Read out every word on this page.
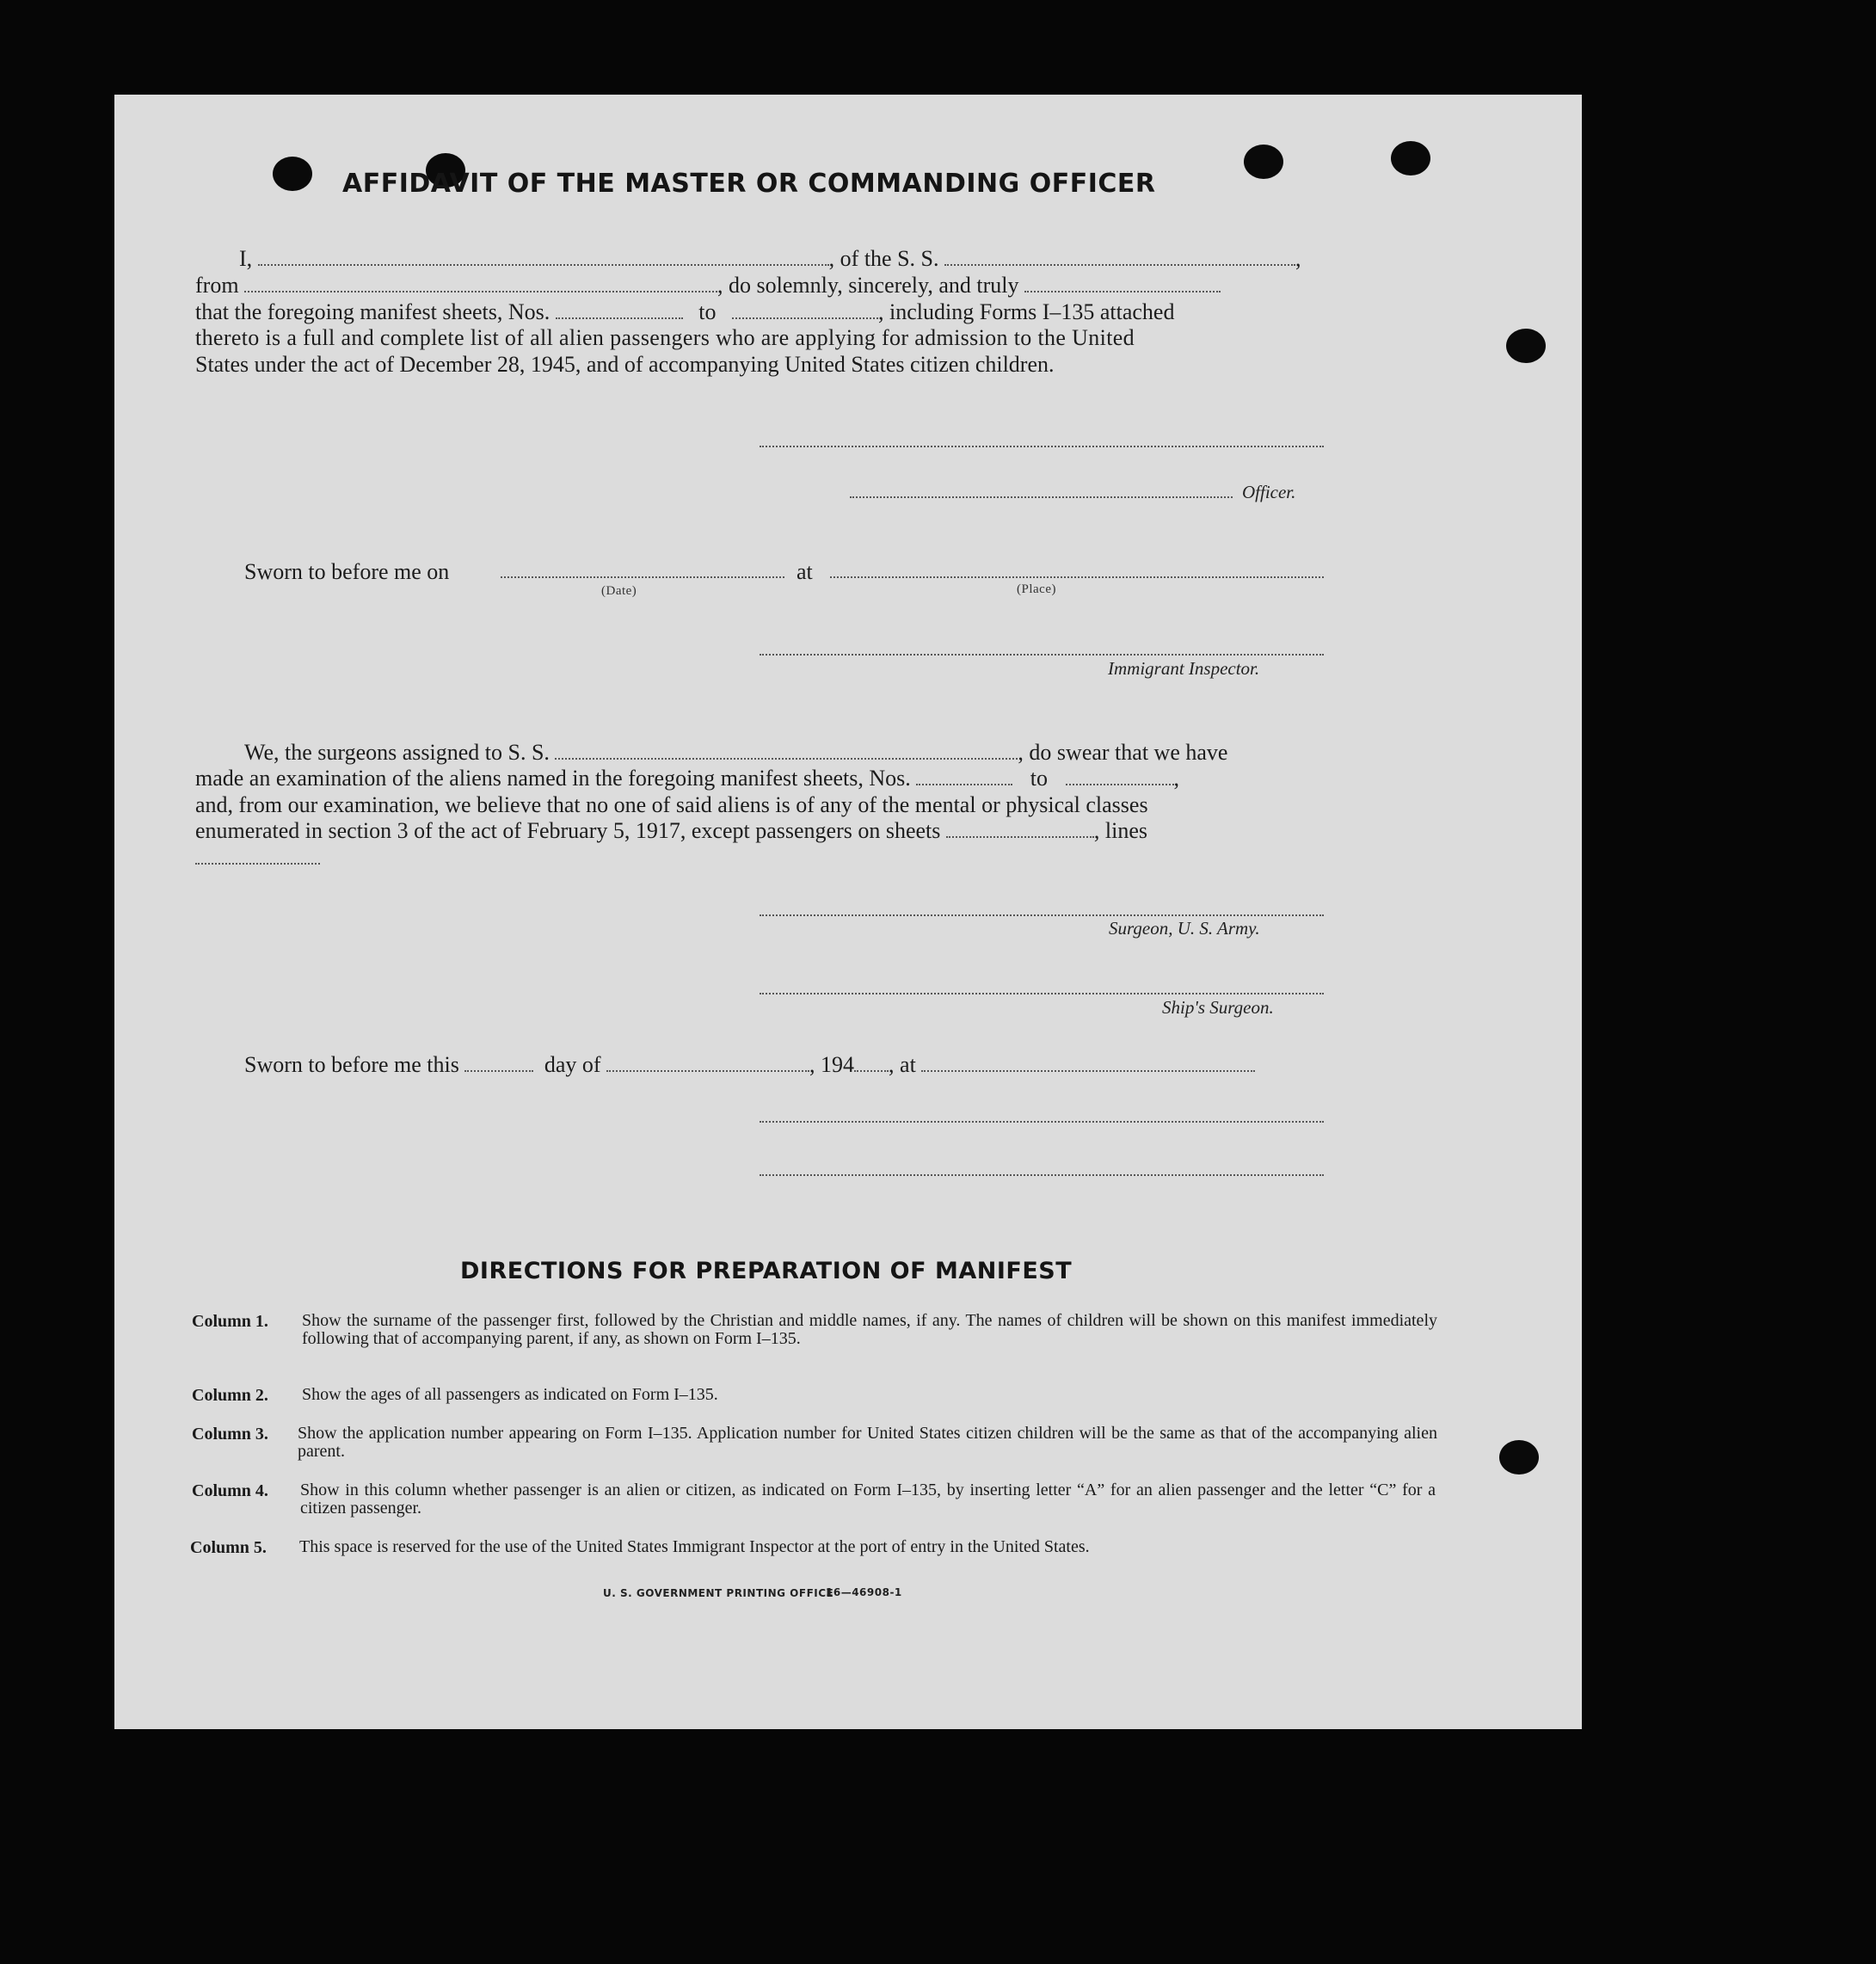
AFFIDAVIT OF THE MASTER OR COMMANDING OFFICER
I,	, of the S. S.	,
from	, do solemnly, sincerely, and truly
that the foregoing manifest sheets, Nos.	to	, including Forms I–135 attached
thereto is a full and complete list of all alien passengers who are applying for admission to the United
States under the act of December 28, 1945, and of accompanying United States citizen children.
Officer.
Sworn to before me on	at
(Date)	(Place)
Immigrant Inspector.
We, the surgeons assigned to S. S.	, do swear that we have
made an examination of the aliens named in the foregoing manifest sheets, Nos.	to	,
and, from our examination, we believe that no one of said aliens is of any of the mental or physical classes
enumerated in section 3 of the act of February 5, 1917, except passengers on sheets	, lines
Surgeon, U. S. Army.
Ship's Surgeon.
Sworn to before me this	day of	, 194 , at
DIRECTIONS FOR PREPARATION OF MANIFEST
Column 1. Show the surname of the passenger first, followed by the Christian and middle names, if any. The names of children will be shown on this manifest immediately following that of accompanying parent, if any, as shown on Form I–135.
Column 2. Show the ages of all passengers as indicated on Form I–135.
Column 3. Show the application number appearing on Form I–135. Application number for United States citizen children will be the same as that of the accompanying alien parent.
Column 4. Show in this column whether passenger is an alien or citizen, as indicated on Form I–135, by inserting letter “A” for an alien passenger and the letter “C” for a citizen passenger.
Column 5. This space is reserved for the use of the United States Immigrant Inspector at the port of entry in the United States.
U. S. GOVERNMENT PRINTING OFFICE
16—46908-1
